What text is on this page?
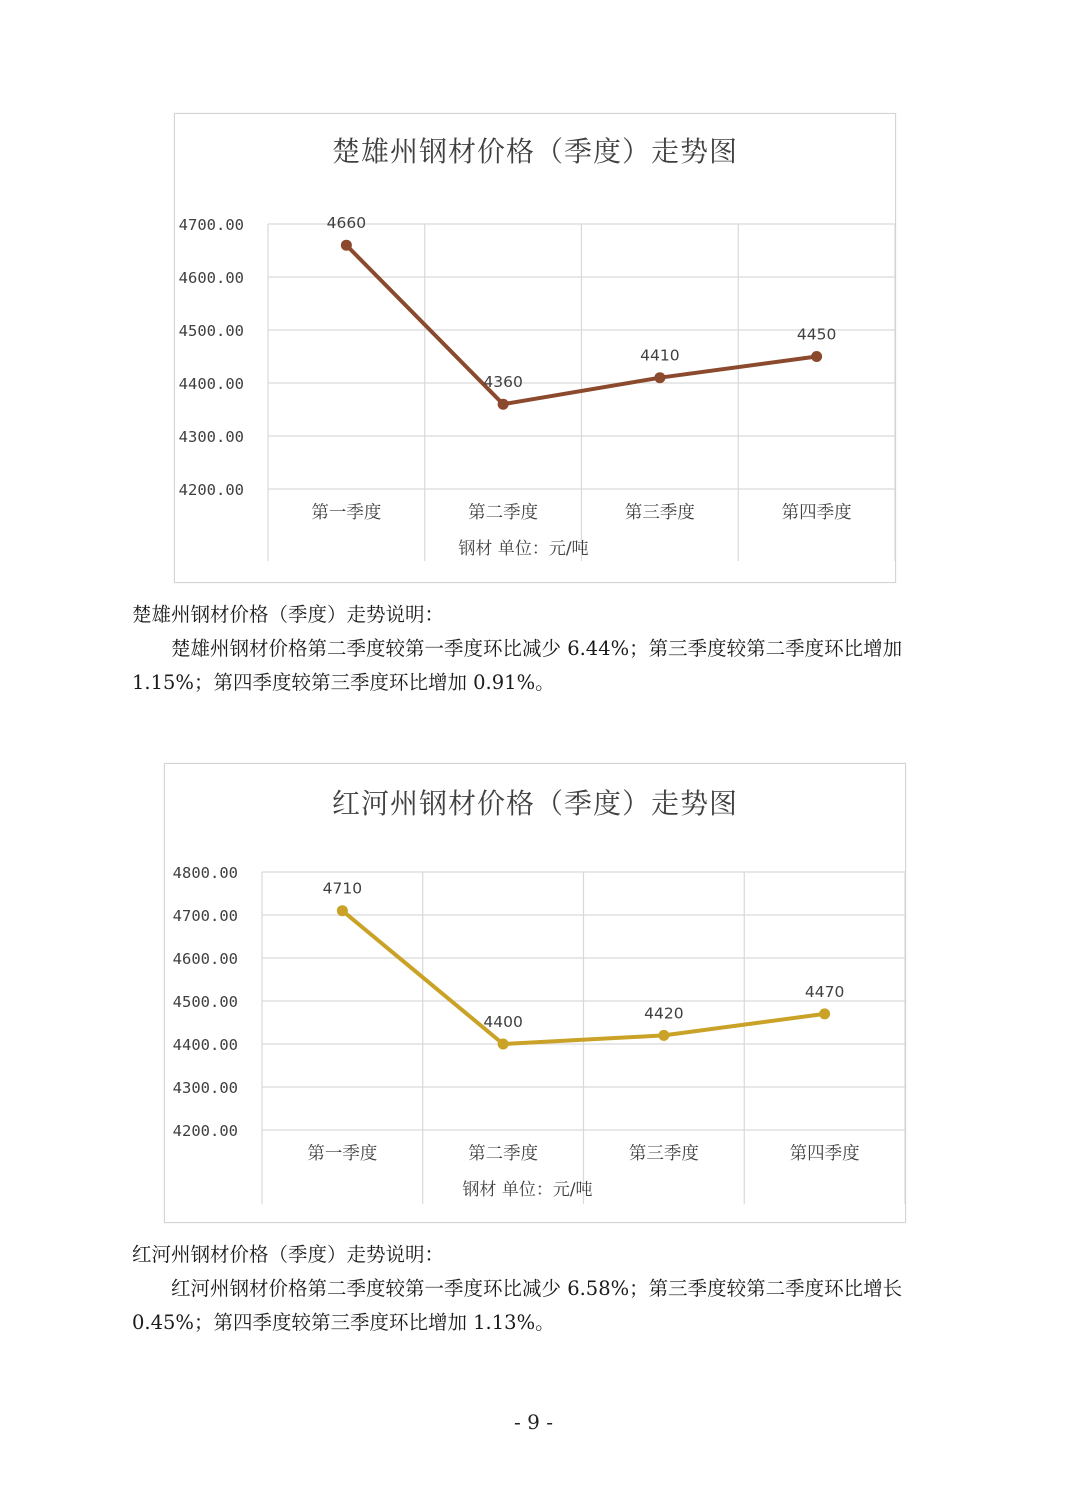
楚雄州钢材价格（季度）走势图
4200.00
4300.00
4400.00
4500.00
4600.00
4700.00
第一季度	第二季度	第三季度	第四季度
钢材 单位：元/吨
4660
4360
4410
4450

楚雄州钢材价格（季度）走势说明：

楚雄州钢材价格第二季度较第一季度环比减少 6.44%；第三季度较第二季度环比增加 1.15%；第四季度较第三季度环比增加 0.91%。

红河州钢材价格（季度）走势图
4200.00
4300.00
4400.00
4500.00
4600.00
4700.00
4800.00
第一季度	第二季度	第三季度	第四季度
钢材 单位：元/吨
4710
4400	4420
4470

红河州钢材价格（季度）走势说明：

红河州钢材价格第二季度较第一季度环比减少 6.58%；第三季度较第二季度环比增长 0.45%；第四季度较第三季度环比增加 1.13%。

- 9 -
